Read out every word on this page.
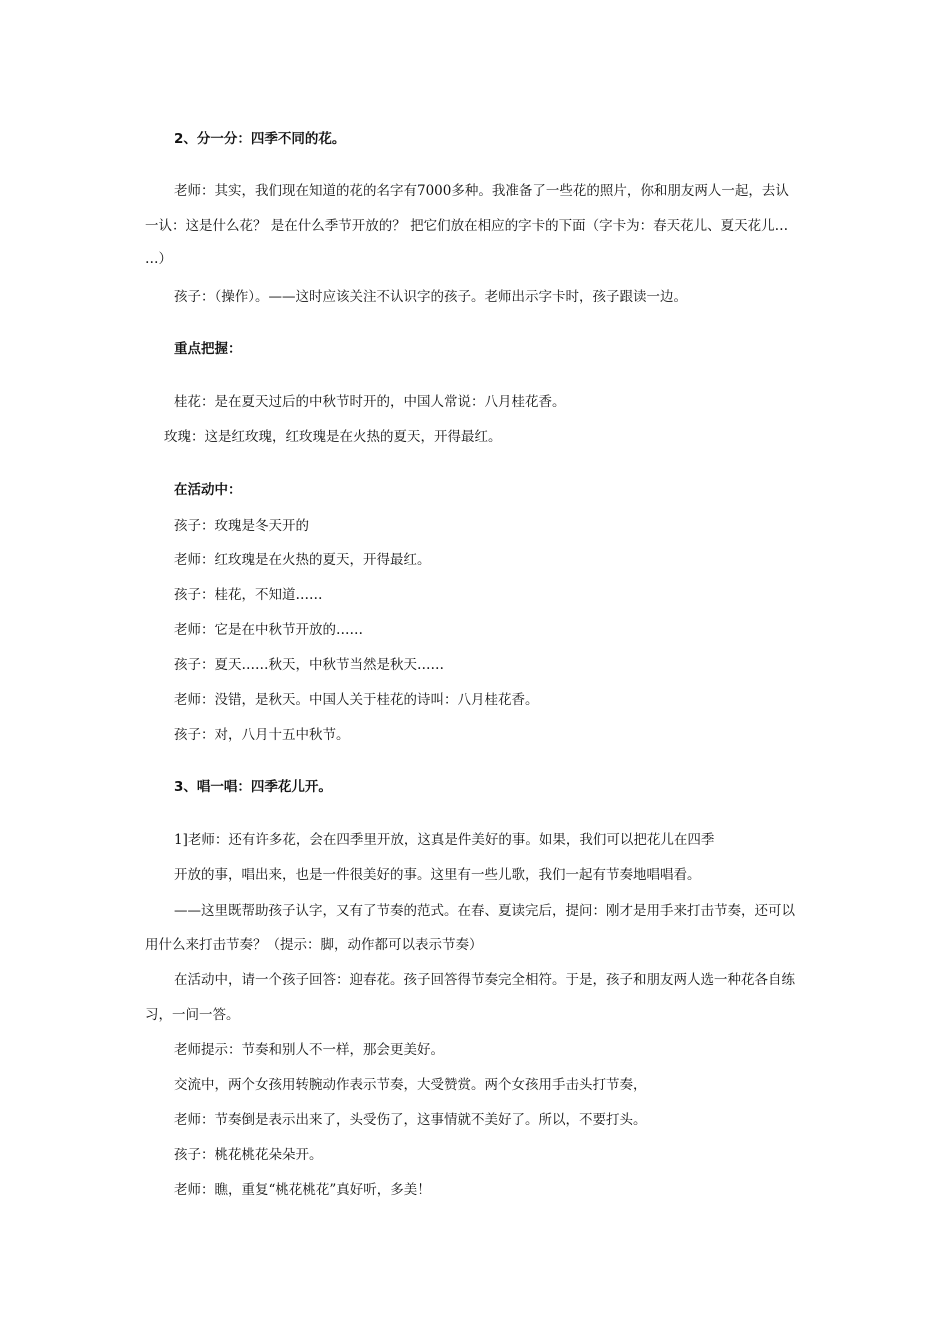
2、分一分：四季不同的花。
老师：其实，我们现在知道的花的名字有7000多种。我准备了一些花的照片，你和朋友两人一起，去认
一认：这是什么花？ 是在什么季节开放的？ 把它们放在相应的字卡的下面（字卡为：春天花儿、夏天花儿…
…）
孩子：（操作）。——这时应该关注不认识字的孩子。老师出示字卡时，孩子跟读一边。
重点把握：
桂花：是在夏天过后的中秋节时开的，中国人常说：八月桂花香。
玫瑰：这是红玫瑰，红玫瑰是在火热的夏天，开得最红。
在活动中：
孩子：玫瑰是冬天开的
老师：红玫瑰是在火热的夏天，开得最红。
孩子：桂花，不知道……
老师：它是在中秋节开放的……
孩子：夏天……秋天，中秋节当然是秋天……
老师：没错，是秋天。中国人关于桂花的诗叫：八月桂花香。
孩子：对，八月十五中秋节。
3、唱一唱：四季花儿开。
1]老师：还有许多花，会在四季里开放，这真是件美好的事。如果，我们可以把花儿在四季
开放的事，唱出来，也是一件很美好的事。这里有一些儿歌，我们一起有节奏地唱唱看。
——这里既帮助孩子认字，又有了节奏的范式。在春、夏读完后，提问：刚才是用手来打击节奏，还可以
用什么来打击节奏？（提示：脚，动作都可以表示节奏）
在活动中，请一个孩子回答：迎春花。孩子回答得节奏完全相符。于是，孩子和朋友两人选一种花各自练
习，一问一答。
老师提示：节奏和别人不一样，那会更美好。
交流中，两个女孩用转腕动作表示节奏，大受赞赏。两个女孩用手击头打节奏，
老师：节奏倒是表示出来了，头受伤了，这事情就不美好了。所以，不要打头。
孩子：桃花桃花朵朵开。
老师：瞧，重复“桃花桃花”真好听，多美！
